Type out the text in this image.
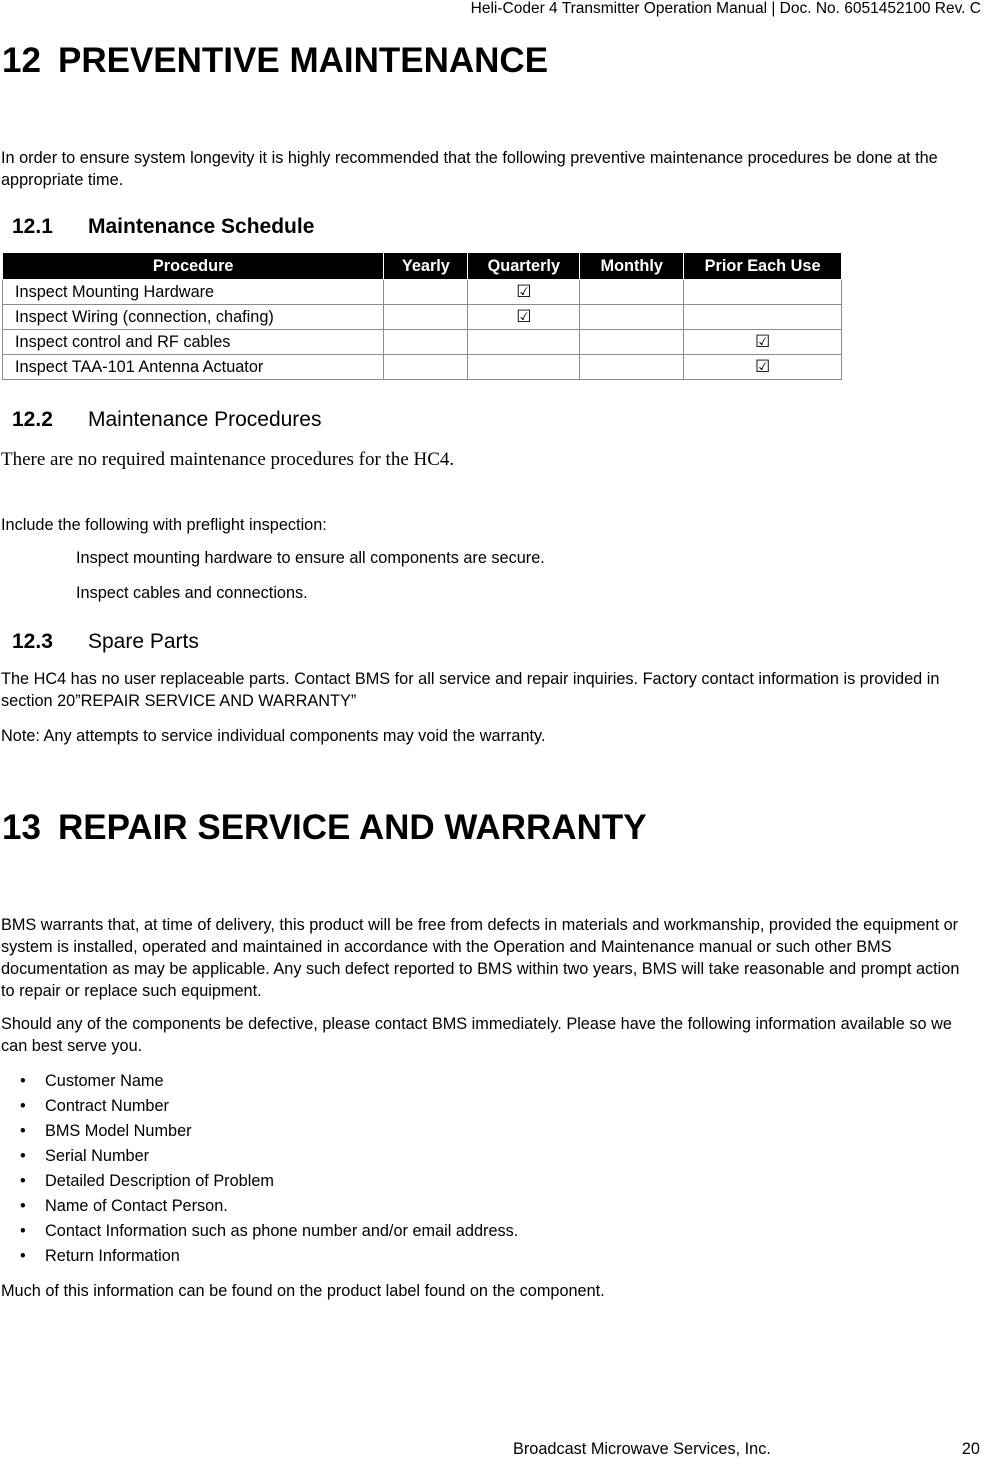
Heli-Coder 4 Transmitter Operation Manual | Doc. No. 6051452100 Rev. C
12 PREVENTIVE MAINTENANCE
In order to ensure system longevity it is highly recommended that the following preventive maintenance procedures be done at the appropriate time.
12.1 Maintenance Schedule
Procedure	Yearly	Quarterly	Monthly	Prior Each Use
Inspect Mounting Hardware		☑		
Inspect Wiring (connection, chafing)		☑		
Inspect control and RF cables				☑
Inspect TAA-101 Antenna Actuator				☑
12.2 Maintenance Procedures
There are no required maintenance procedures for the HC4.
Include the following with preflight inspection:
Inspect mounting hardware to ensure all components are secure.
Inspect cables and connections.
12.3 Spare Parts
The HC4 has no user replaceable parts. Contact BMS for all service and repair inquiries. Factory contact information is provided in section 20”REPAIR SERVICE AND WARRANTY”
Note: Any attempts to service individual components may void the warranty.
13 REPAIR SERVICE AND WARRANTY
BMS warrants that, at time of delivery, this product will be free from defects in materials and workmanship, provided the equipment or system is installed, operated and maintained in accordance with the Operation and Maintenance manual or such other BMS documentation as may be applicable. Any such defect reported to BMS within two years, BMS will take reasonable and prompt action to repair or replace such equipment.
Should any of the components be defective, please contact BMS immediately. Please have the following information available so we can best serve you.
• Customer Name
• Contract Number
• BMS Model Number
• Serial Number
• Detailed Description of Problem
• Name of Contact Person.
• Contact Information such as phone number and/or email address.
• Return Information
Much of this information can be found on the product label found on the component.
Broadcast Microwave Services, Inc.	20
